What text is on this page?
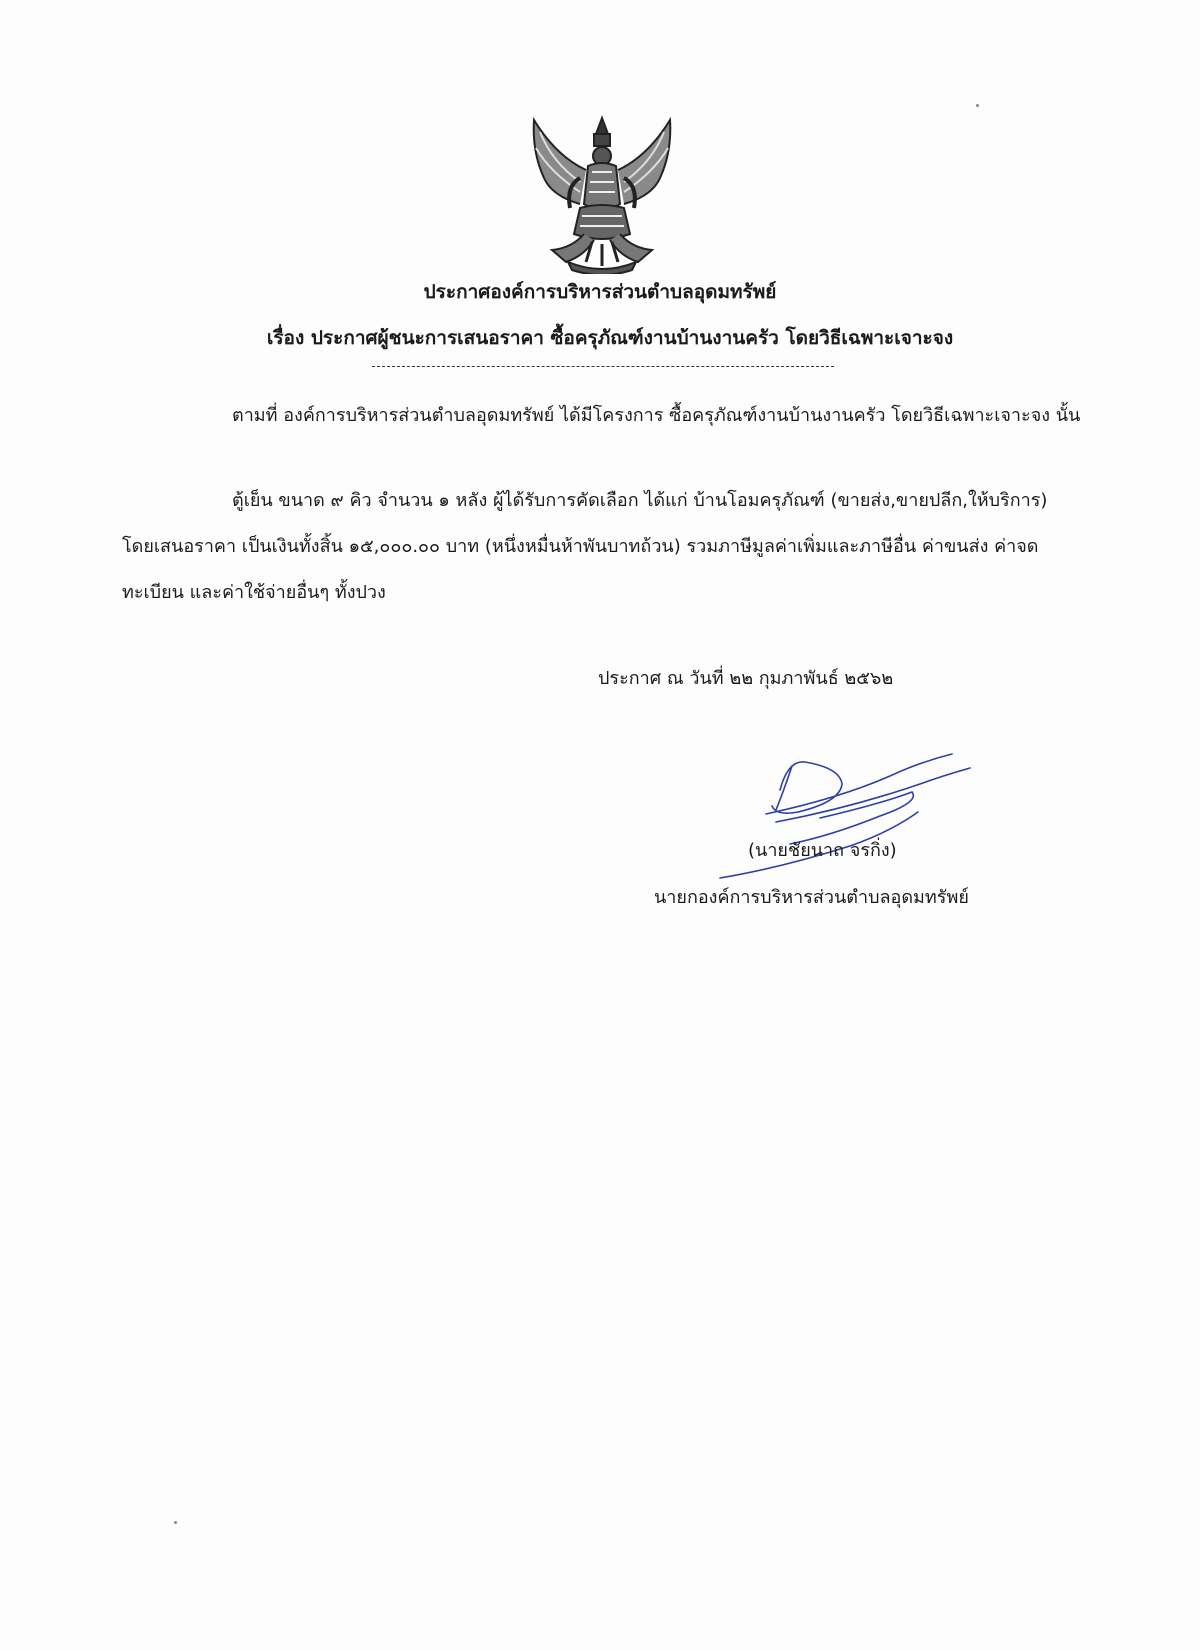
ประกาศองค์การบริหารส่วนตำบลอุดมทรัพย์
เรื่อง ประกาศผู้ชนะการเสนอราคา ซื้อครุภัณฑ์งานบ้านงานครัว โดยวิธีเฉพาะเจาะจง
ตามที่ องค์การบริหารส่วนตำบลอุดมทรัพย์ ได้มีโครงการ ซื้อครุภัณฑ์งานบ้านงานครัว โดยวิธีเฉพาะเจาะจง นั้น
ตู้เย็น ขนาด ๙ คิว จำนวน ๑ หลัง ผู้ได้รับการคัดเลือก ได้แก่ บ้านโอมครุภัณฑ์ (ขายส่ง,ขายปลีก,ให้บริการ) โดยเสนอราคา เป็นเงินทั้งสิ้น ๑๕,๐๐๐.๐๐ บาท (หนึ่งหมื่นห้าพันบาทถ้วน) รวมภาษีมูลค่าเพิ่มและภาษีอื่น ค่าขนส่ง ค่าจดทะเบียน และค่าใช้จ่ายอื่นๆ ทั้งปวง
ประกาศ ณ วันที่ ๒๒ กุมภาพันธ์ ๒๕๖๒
(นายชัยนาถ จรกิ่ง)
นายกองค์การบริหารส่วนตำบลอุดมทรัพย์
